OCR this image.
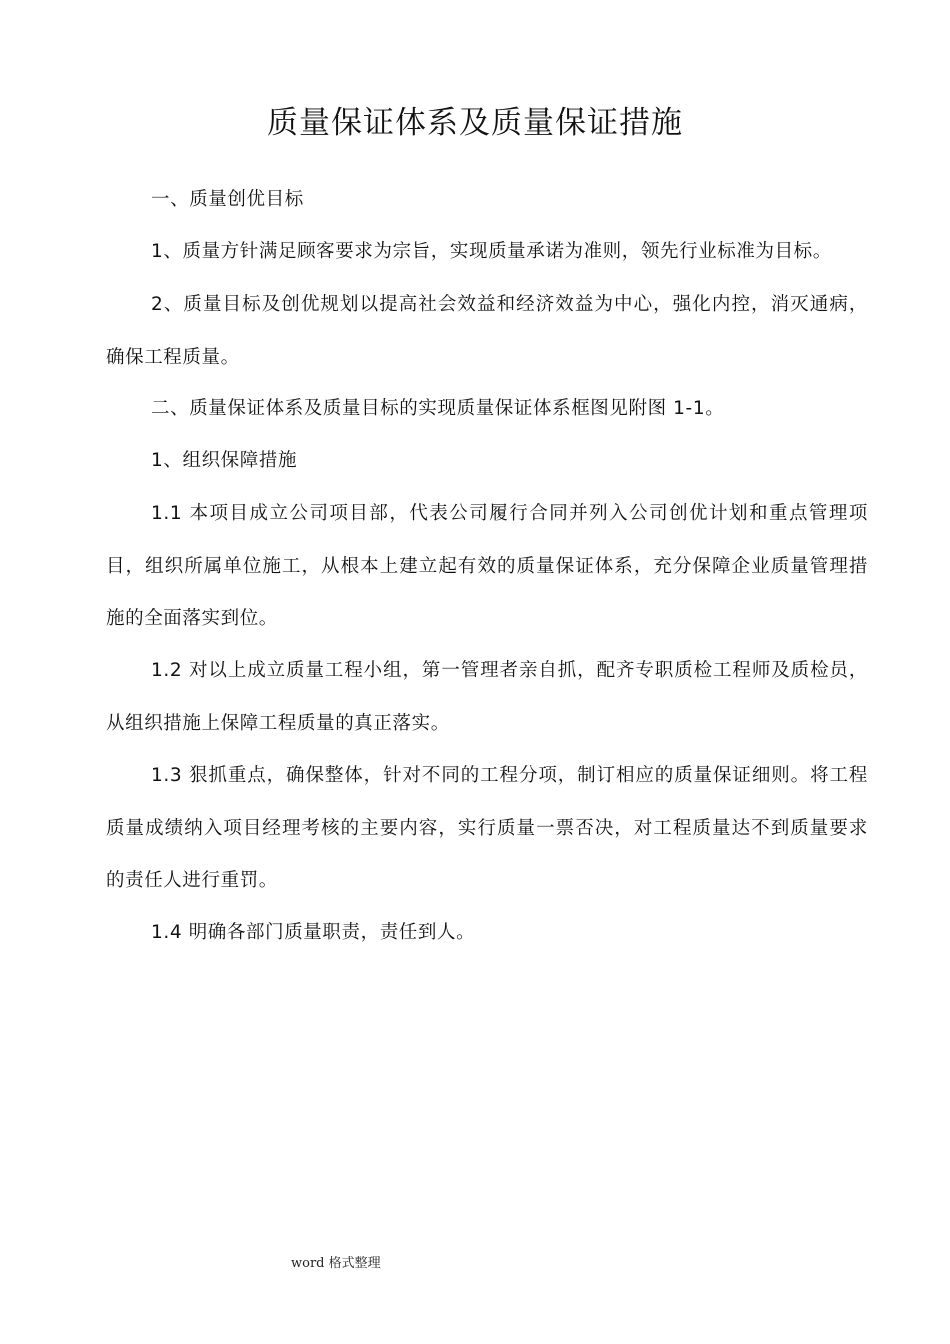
质量保证体系及质量保证措施

一、质量创优目标

1、质量方针满足顾客要求为宗旨，实现质量承诺为准则，领先行业标准为目标。

2、质量目标及创优规划以提高社会效益和经济效益为中心，强化内控，消灭通病，确保工程质量。

二、质量保证体系及质量目标的实现质量保证体系框图见附图 1-1。

1、组织保障措施

1.1 本项目成立公司项目部，代表公司履行合同并列入公司创优计划和重点管理项目，组织所属单位施工，从根本上建立起有效的质量保证体系，充分保障企业质量管理措施的全面落实到位。

1.2 对以上成立质量工程小组，第一管理者亲自抓，配齐专职质检工程师及质检员，从组织措施上保障工程质量的真正落实。

1.3 狠抓重点，确保整体，针对不同的工程分项，制订相应的质量保证细则。将工程质量成绩纳入项目经理考核的主要内容，实行质量一票否决，对工程质量达不到质量要求的责任人进行重罚。

1.4 明确各部门质量职责，责任到人。

word 格式整理
